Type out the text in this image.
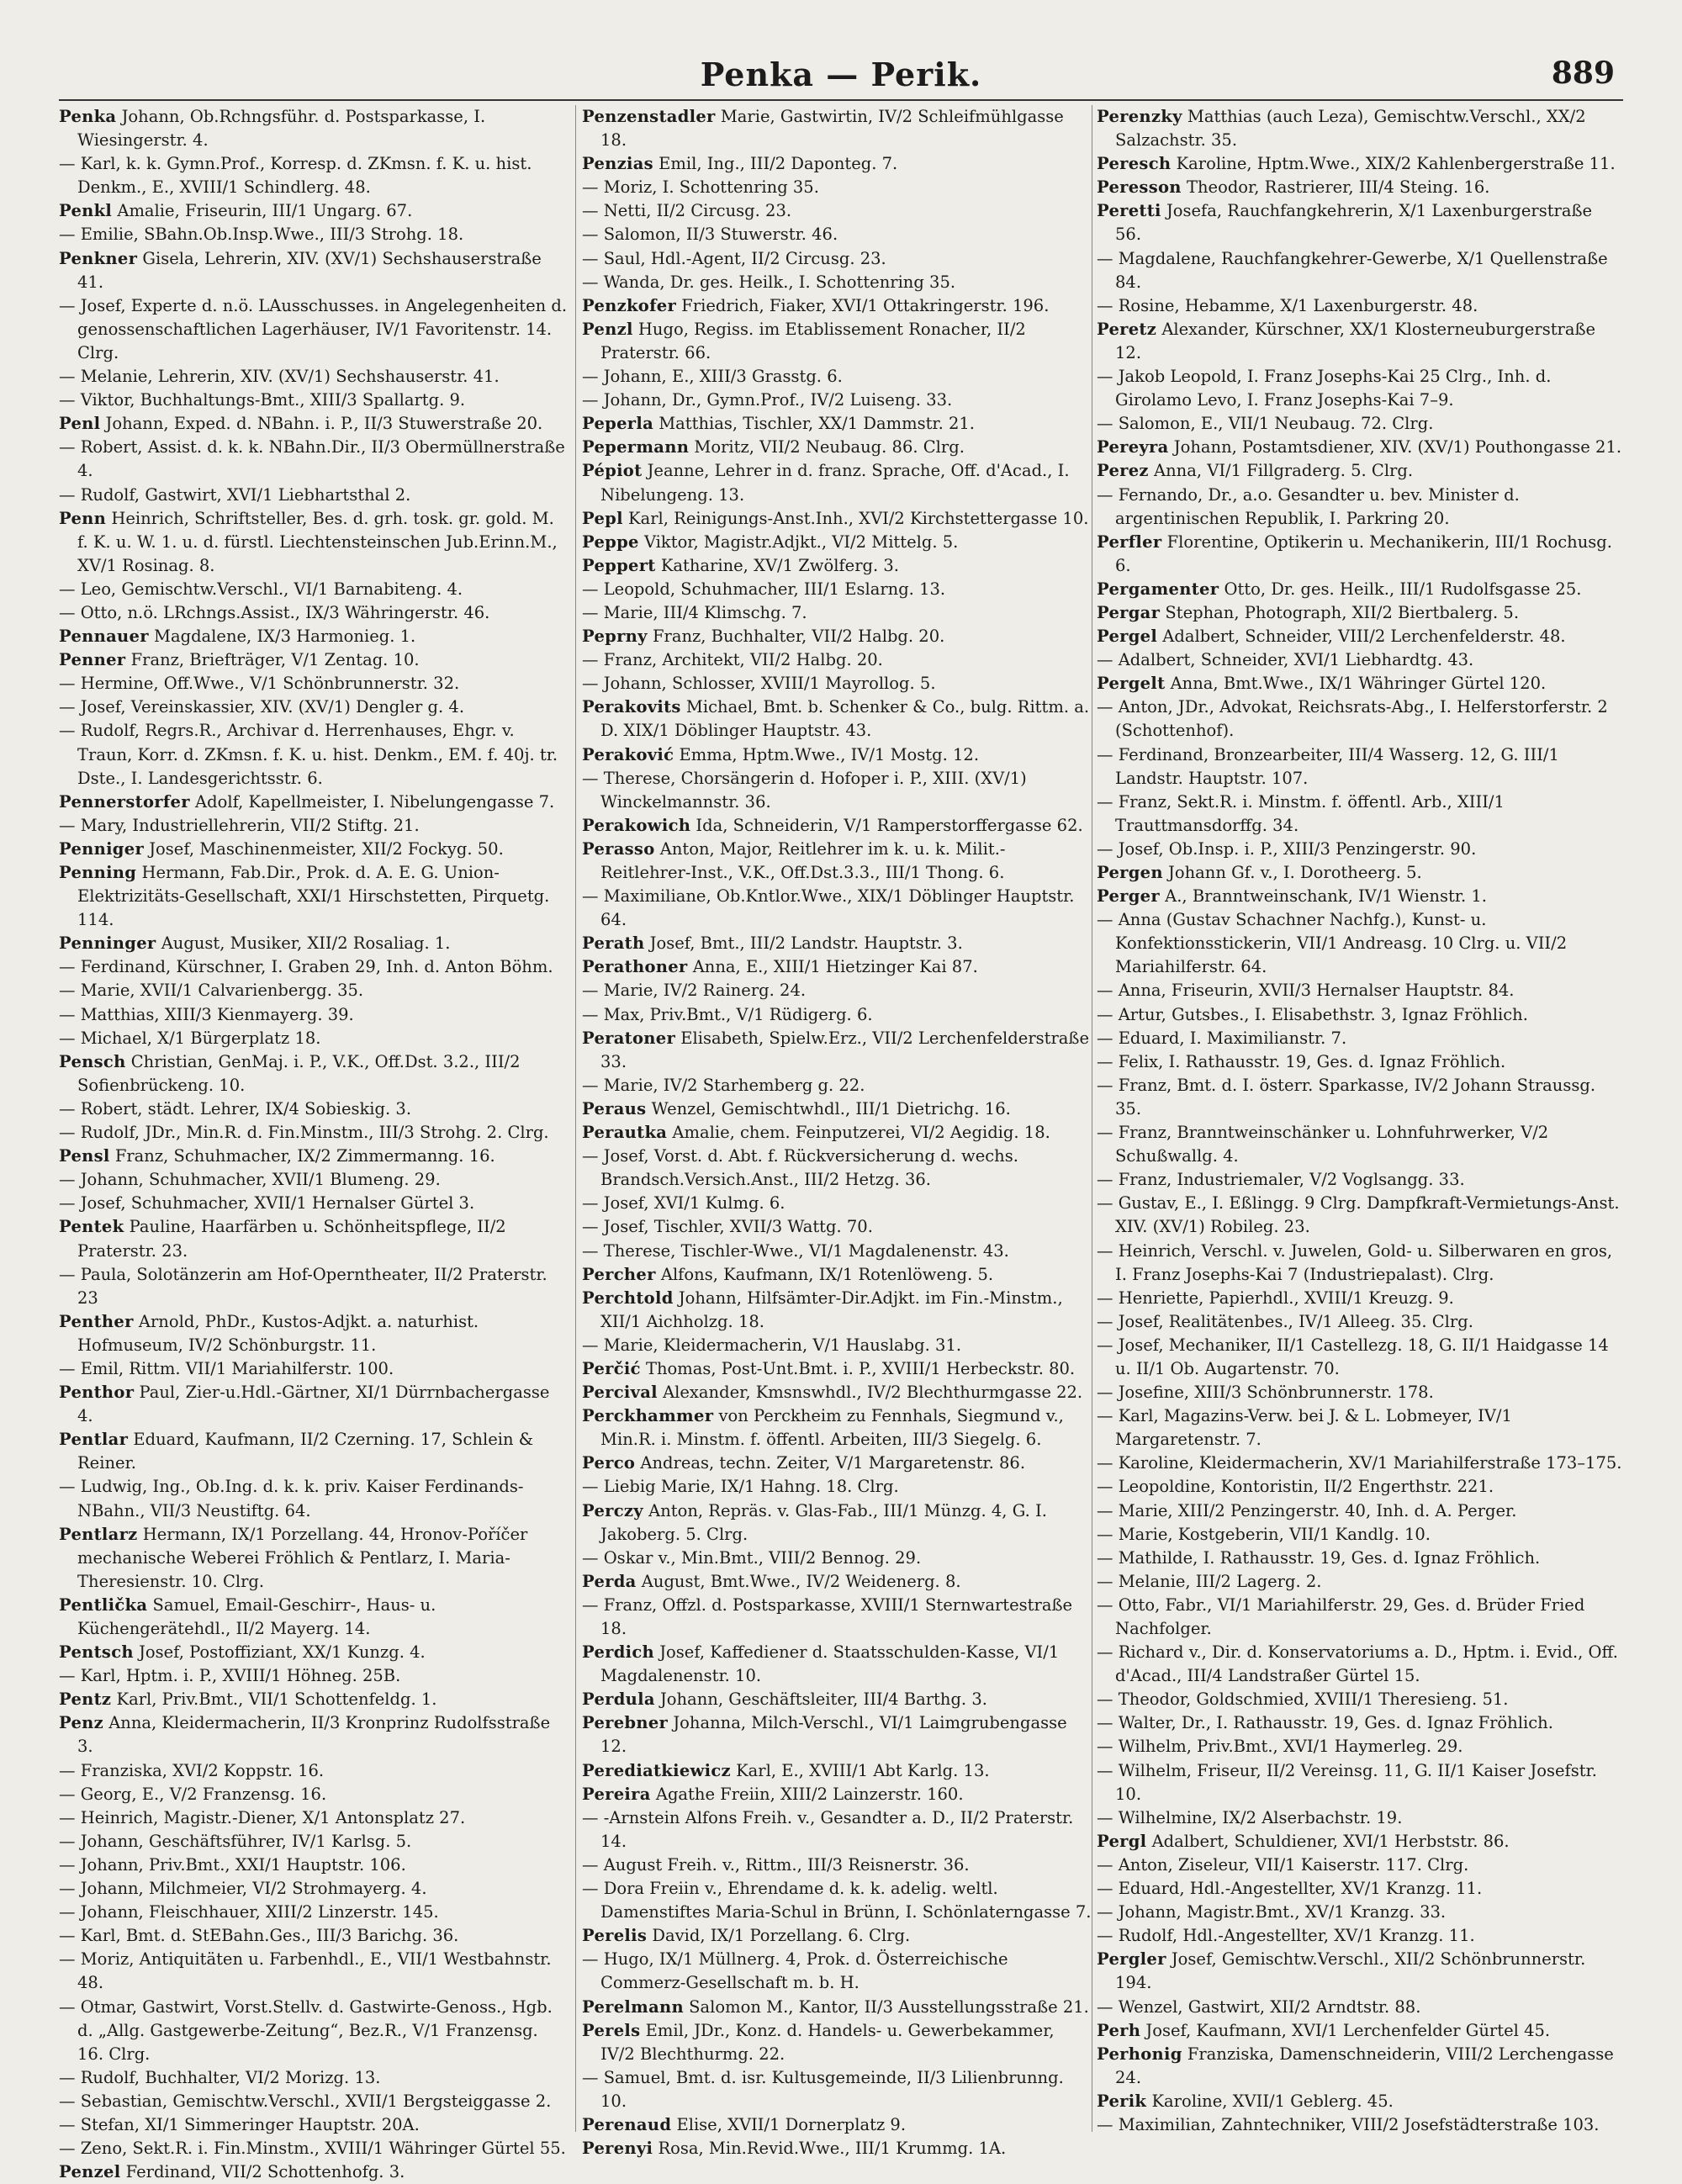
Penka — Perik.	889

Penka Johann, Ob.Rchngsführ. d. Postsparkasse, I. Wiesingerstr. 4.

— Karl, k. k. Gymn.Prof., Korresp. d. ZKmsn. f. K. u. hist. Denkm., E., XVIII/1 Schindlerg. 48.

Penkl Amalie, Friseurin, III/1 Ungarg. 67.

— Emilie, SBahn.Ob.Insp.Wwe., III/3 Strohg. 18.

Penkner Gisela, Lehrerin, XIV. (XV/1) Sechshauserstraße 41.

— Josef, Experte d. n.ö. LAusschusses. in Angelegenheiten d. genossenschaftlichen Lagerhäuser, IV/1 Favoritenstr. 14. Clrg.

— Melanie, Lehrerin, XIV. (XV/1) Sechshauserstr. 41.

— Viktor, Buchhaltungs-Bmt., XIII/3 Spallartg. 9.

Penl Johann, Exped. d. NBahn. i. P., II/3 Stuwerstraße 20.

— Robert, Assist. d. k. k. NBahn.Dir., II/3 Obermüllnerstraße 4.

— Rudolf, Gastwirt, XVI/1 Liebhartsthal 2.

Penn Heinrich, Schriftsteller, Bes. d. grh. tosk. gr. gold. M. f. K. u. W. 1. u. d. fürstl. Liechtensteinschen Jub.Erinn.M., XV/1 Rosinag. 8.

— Leo, Gemischtw.Verschl., VI/1 Barnabiteng. 4.

— Otto, n.ö. LRchngs.Assist., IX/3 Währingerstr. 46.

Pennauer Magdalene, IX/3 Harmonieg. 1.

Penner Franz, Briefträger, V/1 Zentag. 10.

— Hermine, Off.Wwe., V/1 Schönbrunnerstr. 32.

— Josef, Vereinskassier, XIV. (XV/1) Dengler g. 4.

— Rudolf, Regrs.R., Archivar d. Herrenhauses, Ehgr. v. Traun, Korr. d. ZKmsn. f. K. u. hist. Denkm., EM. f. 40j. tr. Dste., I. Landesgerichtsstr. 6.

Pennerstorfer Adolf, Kapellmeister, I. Nibelungengasse 7.

— Mary, Industriellehrerin, VII/2 Stiftg. 21.

Penniger Josef, Maschinenmeister, XII/2 Fockyg. 50.

Penning Hermann, Fab.Dir., Prok. d. A. E. G. Union-Elektrizitäts-Gesellschaft, XXI/1 Hirschstetten, Pirquetg. 114.

Penninger August, Musiker, XII/2 Rosaliag. 1.

— Ferdinand, Kürschner, I. Graben 29, Inh. d. Anton Böhm.

— Marie, XVII/1 Calvarienbergg. 35.

— Matthias, XIII/3 Kienmayerg. 39.

— Michael, X/1 Bürgerplatz 18.

Pensch Christian, GenMaj. i. P., V.K., Off.Dst. 3.2., III/2 Sofienbrückeng. 10.

— Robert, städt. Lehrer, IX/4 Sobieskig. 3.

— Rudolf, JDr., Min.R. d. Fin.Minstm., III/3 Strohg. 2. Clrg.

Pensl Franz, Schuhmacher, IX/2 Zimmermanng. 16.

— Johann, Schuhmacher, XVII/1 Blumeng. 29.

— Josef, Schuhmacher, XVII/1 Hernalser Gürtel 3.

Pentek Pauline, Haarfärben u. Schönheitspflege, II/2 Praterstr. 23.

— Paula, Solotänzerin am Hof-Operntheater, II/2 Praterstr. 23

Penther Arnold, PhDr., Kustos-Adjkt. a. naturhist. Hofmuseum, IV/2 Schönburgstr. 11.

— Emil, Rittm. VII/1 Mariahilferstr. 100.

Penthor Paul, Zier-u.Hdl.-Gärtner, XI/1 Dürrnbachergasse 4.

Pentlar Eduard, Kaufmann, II/2 Czerning. 17, Schlein & Reiner.

— Ludwig, Ing., Ob.Ing. d. k. k. priv. Kaiser Ferdinands-NBahn., VII/3 Neustiftg. 64.

Pentlarz Hermann, IX/1 Porzellang. 44, Hronov-Poříčer mechanische Weberei Fröhlich & Pentlarz, I. Maria-Theresienstr. 10. Clrg.

Pentlička Samuel, Email-Geschirr-, Haus- u. Küchengerätehdl., II/2 Mayerg. 14.

Pentsch Josef, Postoffiziant, XX/1 Kunzg. 4.

— Karl, Hptm. i. P., XVIII/1 Höhneg. 25B.

Pentz Karl, Priv.Bmt., VII/1 Schottenfeldg. 1.

Penz Anna, Kleidermacherin, II/3 Kronprinz Rudolfsstraße 3.

— Franziska, XVI/2 Koppstr. 16.

— Georg, E., V/2 Franzensg. 16.

— Heinrich, Magistr.-Diener, X/1 Antonsplatz 27.

— Johann, Geschäftsführer, IV/1 Karlsg. 5.

— Johann, Priv.Bmt., XXI/1 Hauptstr. 106.

— Johann, Milchmeier, VI/2 Strohmayerg. 4.

— Johann, Fleischhauer, XIII/2 Linzerstr. 145.

— Karl, Bmt. d. StEBahn.Ges., III/3 Barichg. 36.

— Moriz, Antiquitäten u. Farbenhdl., E., VII/1 Westbahnstr. 48.

— Otmar, Gastwirt, Vorst.Stellv. d. Gastwirte-Genoss., Hgb. d. „Allg. Gastgewerbe-Zeitung“, Bez.R., V/1 Franzensg. 16. Clrg.

— Rudolf, Buchhalter, VI/2 Morizg. 13.

— Sebastian, Gemischtw.Verschl., XVII/1 Bergsteiggasse 2.

— Stefan, XI/1 Simmeringer Hauptstr. 20A.

— Zeno, Sekt.R. i. Fin.Minstm., XVIII/1 Währinger Gürtel 55.

Penzel Ferdinand, VII/2 Schottenhofg. 3.

Penzenstadler Marie, Gastwirtin, IV/2 Schleifmühlgasse 18.

Penzias Emil, Ing., III/2 Daponteg. 7.

— Moriz, I. Schottenring 35.

— Netti, II/2 Circusg. 23.

— Salomon, II/3 Stuwerstr. 46.

— Saul, Hdl.-Agent, II/2 Circusg. 23.

— Wanda, Dr. ges. Heilk., I. Schottenring 35.

Penzkofer Friedrich, Fiaker, XVI/1 Ottakringerstr. 196.

Penzl Hugo, Regiss. im Etablissement Ronacher, II/2 Praterstr. 66.

— Johann, E., XIII/3 Grasstg. 6.

— Johann, Dr., Gymn.Prof., IV/2 Luiseng. 33.

Peperla Matthias, Tischler, XX/1 Dammstr. 21.

Pepermann Moritz, VII/2 Neubaug. 86. Clrg.

Pépiot Jeanne, Lehrer in d. franz. Sprache, Off. d'Acad., I. Nibelungeng. 13.

Pepl Karl, Reinigungs-Anst.Inh., XVI/2 Kirchstettergasse 10.

Peppe Viktor, Magistr.Adjkt., VI/2 Mittelg. 5.

Peppert Katharine, XV/1 Zwölferg. 3.

— Leopold, Schuhmacher, III/1 Eslarng. 13.

— Marie, III/4 Klimschg. 7.

Peprny Franz, Buchhalter, VII/2 Halbg. 20.

— Franz, Architekt, VII/2 Halbg. 20.

— Johann, Schlosser, XVIII/1 Mayrollog. 5.

Perakovits Michael, Bmt. b. Schenker & Co., bulg. Rittm. a. D. XIX/1 Döblinger Hauptstr. 43.

Peraković Emma, Hptm.Wwe., IV/1 Mostg. 12.

— Therese, Chorsängerin d. Hofoper i. P., XIII. (XV/1) Winckelmannstr. 36.

Perakowich Ida, Schneiderin, V/1 Ramperstorffergasse 62.

Perasso Anton, Major, Reitlehrer im k. u. k. Milit.-Reitlehrer-Inst., V.K., Off.Dst.3.3., III/1 Thong. 6.

— Maximiliane, Ob.Kntlor.Wwe., XIX/1 Döblinger Hauptstr. 64.

Perath Josef, Bmt., III/2 Landstr. Hauptstr. 3.

Perathoner Anna, E., XIII/1 Hietzinger Kai 87.

— Marie, IV/2 Rainerg. 24.

— Max, Priv.Bmt., V/1 Rüdigerg. 6.

Peratoner Elisabeth, Spielw.Erz., VII/2 Lerchenfelderstraße 33.

— Marie, IV/2 Starhemberg g. 22.

Peraus Wenzel, Gemischtwhdl., III/1 Dietrichg. 16.

Perautka Amalie, chem. Feinputzerei, VI/2 Aegidig. 18.

— Josef, Vorst. d. Abt. f. Rückversicherung d. wechs. Brandsch.Versich.Anst., III/2 Hetzg. 36.

— Josef, XVI/1 Kulmg. 6.

— Josef, Tischler, XVII/3 Wattg. 70.

— Therese, Tischler-Wwe., VI/1 Magdalenenstr. 43.

Percher Alfons, Kaufmann, IX/1 Rotenlöweng. 5.

Perchtold Johann, Hilfsämter-Dir.Adjkt. im Fin.-Minstm., XII/1 Aichholzg. 18.

— Marie, Kleidermacherin, V/1 Hauslabg. 31.

Perčić Thomas, Post-Unt.Bmt. i. P., XVIII/1 Herbeckstr. 80.

Percival Alexander, Kmsnswhdl., IV/2 Blechthurmgasse 22.

Perckhammer von Perckheim zu Fennhals, Siegmund v., Min.R. i. Minstm. f. öffentl. Arbeiten, III/3 Siegelg. 6.

Perco Andreas, techn. Zeiter, V/1 Margaretenstr. 86.

— Liebig Marie, IX/1 Hahng. 18. Clrg.

Perczy Anton, Repräs. v. Glas-Fab., III/1 Münzg. 4, G. I. Jakoberg. 5. Clrg.

— Oskar v., Min.Bmt., VIII/2 Bennog. 29.

Perda August, Bmt.Wwe., IV/2 Weidenerg. 8.

— Franz, Offzl. d. Postsparkasse, XVIII/1 Sternwartestraße 18.

Perdich Josef, Kaffediener d. Staatsschulden-Kasse, VI/1 Magdalenenstr. 10.

Perdula Johann, Geschäftsleiter, III/4 Barthg. 3.

Perebner Johanna, Milch-Verschl., VI/1 Laimgrubengasse 12.

Perediatkiewicz Karl, E., XVIII/1 Abt Karlg. 13.

Pereira Agathe Freiin, XIII/2 Lainzerstr. 160.

— -Arnstein Alfons Freih. v., Gesandter a. D., II/2 Praterstr. 14.

— August Freih. v., Rittm., III/3 Reisnerstr. 36.

— Dora Freiin v., Ehrendame d. k. k. adelig. weltl. Damenstiftes Maria-Schul in Brünn, I. Schönlaterngasse 7.

Perelis David, IX/1 Porzellang. 6. Clrg.

— Hugo, IX/1 Müllnerg. 4, Prok. d. Österreichische Commerz-Gesellschaft m. b. H.

Perelmann Salomon M., Kantor, II/3 Ausstellungsstraße 21.

Perels Emil, JDr., Konz. d. Handels- u. Gewerbekammer, IV/2 Blechthurmg. 22.

— Samuel, Bmt. d. isr. Kultusgemeinde, II/3 Lilienbrunng. 10.

Perenaud Elise, XVII/1 Dornerplatz 9.

Perenyi Rosa, Min.Revid.Wwe., III/1 Krummg. 1A.

Perenzky Matthias (auch Leza), Gemischtw.Verschl., XX/2 Salzachstr. 35.

Peresch Karoline, Hptm.Wwe., XIX/2 Kahlenbergerstraße 11.

Peresson Theodor, Rastrierer, III/4 Steing. 16.

Peretti Josefa, Rauchfangkehrerin, X/1 Laxenburgerstraße 56.

— Magdalene, Rauchfangkehrer-Gewerbe, X/1 Quellenstraße 84.

— Rosine, Hebamme, X/1 Laxenburgerstr. 48.

Peretz Alexander, Kürschner, XX/1 Klosterneuburgerstraße 12.

— Jakob Leopold, I. Franz Josephs-Kai 25 Clrg., Inh. d. Girolamo Levo, I. Franz Josephs-Kai 7–9.

— Salomon, E., VII/1 Neubaug. 72. Clrg.

Pereyra Johann, Postamtsdiener, XIV. (XV/1) Pouthongasse 21.

Perez Anna, VI/1 Fillgraderg. 5. Clrg.

— Fernando, Dr., a.o. Gesandter u. bev. Minister d. argentinischen Republik, I. Parkring 20.

Perfler Florentine, Optikerin u. Mechanikerin, III/1 Rochusg. 6.

Pergamenter Otto, Dr. ges. Heilk., III/1 Rudolfsgasse 25.

Pergar Stephan, Photograph, XII/2 Biertbalerg. 5.

Pergel Adalbert, Schneider, VIII/2 Lerchenfelderstr. 48.

— Adalbert, Schneider, XVI/1 Liebhardtg. 43.

Pergelt Anna, Bmt.Wwe., IX/1 Währinger Gürtel 120.

— Anton, JDr., Advokat, Reichsrats-Abg., I. Helferstorferstr. 2 (Schottenhof).

— Ferdinand, Bronzearbeiter, III/4 Wasserg. 12, G. III/1 Landstr. Hauptstr. 107.

— Franz, Sekt.R. i. Minstm. f. öffentl. Arb., XIII/1 Trauttmansdorffg. 34.

— Josef, Ob.Insp. i. P., XIII/3 Penzingerstr. 90.

Pergen Johann Gf. v., I. Dorotheerg. 5.

Perger A., Branntweinschank, IV/1 Wienstr. 1.

— Anna (Gustav Schachner Nachfg.), Kunst- u. Konfektionsstickerin, VII/1 Andreasg. 10 Clrg. u. VII/2 Mariahilferstr. 64.

— Anna, Friseurin, XVII/3 Hernalser Hauptstr. 84.

— Artur, Gutsbes., I. Elisabethstr. 3, Ignaz Fröhlich.

— Eduard, I. Maximilianstr. 7.

— Felix, I. Rathausstr. 19, Ges. d. Ignaz Fröhlich.

— Franz, Bmt. d. I. österr. Sparkasse, IV/2 Johann Straussg. 35.

— Franz, Branntweinschänker u. Lohnfuhrwerker, V/2 Schußwallg. 4.

— Franz, Industriemaler, V/2 Voglsangg. 33.

— Gustav, E., I. Eßlingg. 9 Clrg. Dampfkraft-Vermietungs-Anst. XIV. (XV/1) Robileg. 23.

— Heinrich, Verschl. v. Juwelen, Gold- u. Silberwaren en gros, I. Franz Josephs-Kai 7 (Industriepalast). Clrg.

— Henriette, Papierhdl., XVIII/1 Kreuzg. 9.

— Josef, Realitätenbes., IV/1 Alleeg. 35. Clrg.

— Josef, Mechaniker, II/1 Castellezg. 18, G. II/1 Haidgasse 14 u. II/1 Ob. Augartenstr. 70.

— Josefine, XIII/3 Schönbrunnerstr. 178.

— Karl, Magazins-Verw. bei J. & L. Lobmeyer, IV/1 Margaretenstr. 7.

— Karoline, Kleidermacherin, XV/1 Mariahilferstraße 173–175.

— Leopoldine, Kontoristin, II/2 Engerthstr. 221.

— Marie, XIII/2 Penzingerstr. 40, Inh. d. A. Perger.

— Marie, Kostgeberin, VII/1 Kandlg. 10.

— Mathilde, I. Rathausstr. 19, Ges. d. Ignaz Fröhlich.

— Melanie, III/2 Lagerg. 2.

— Otto, Fabr., VI/1 Mariahilferstr. 29, Ges. d. Brüder Fried Nachfolger.

— Richard v., Dir. d. Konservatoriums a. D., Hptm. i. Evid., Off. d'Acad., III/4 Landstraßer Gürtel 15.

— Theodor, Goldschmied, XVIII/1 Theresieng. 51.

— Walter, Dr., I. Rathausstr. 19, Ges. d. Ignaz Fröhlich.

— Wilhelm, Priv.Bmt., XVI/1 Haymerleg. 29.

— Wilhelm, Friseur, II/2 Vereinsg. 11, G. II/1 Kaiser Josefstr. 10.

— Wilhelmine, IX/2 Alserbachstr. 19.

Pergl Adalbert, Schuldiener, XVI/1 Herbststr. 86.

— Anton, Ziseleur, VII/1 Kaiserstr. 117. Clrg.

— Eduard, Hdl.-Angestellter, XV/1 Kranzg. 11.

— Johann, Magistr.Bmt., XV/1 Kranzg. 33.

— Rudolf, Hdl.-Angestellter, XV/1 Kranzg. 11.

Pergler Josef, Gemischtw.Verschl., XII/2 Schönbrunnerstr. 194.

— Wenzel, Gastwirt, XII/2 Arndtstr. 88.

Perh Josef, Kaufmann, XVI/1 Lerchenfelder Gürtel 45.

Perhonig Franziska, Damenschneiderin, VIII/2 Lerchengasse 24.

Perik Karoline, XVII/1 Geblerg. 45.

— Maximilian, Zahntechniker, VIII/2 Josefstädterstraße 103.
